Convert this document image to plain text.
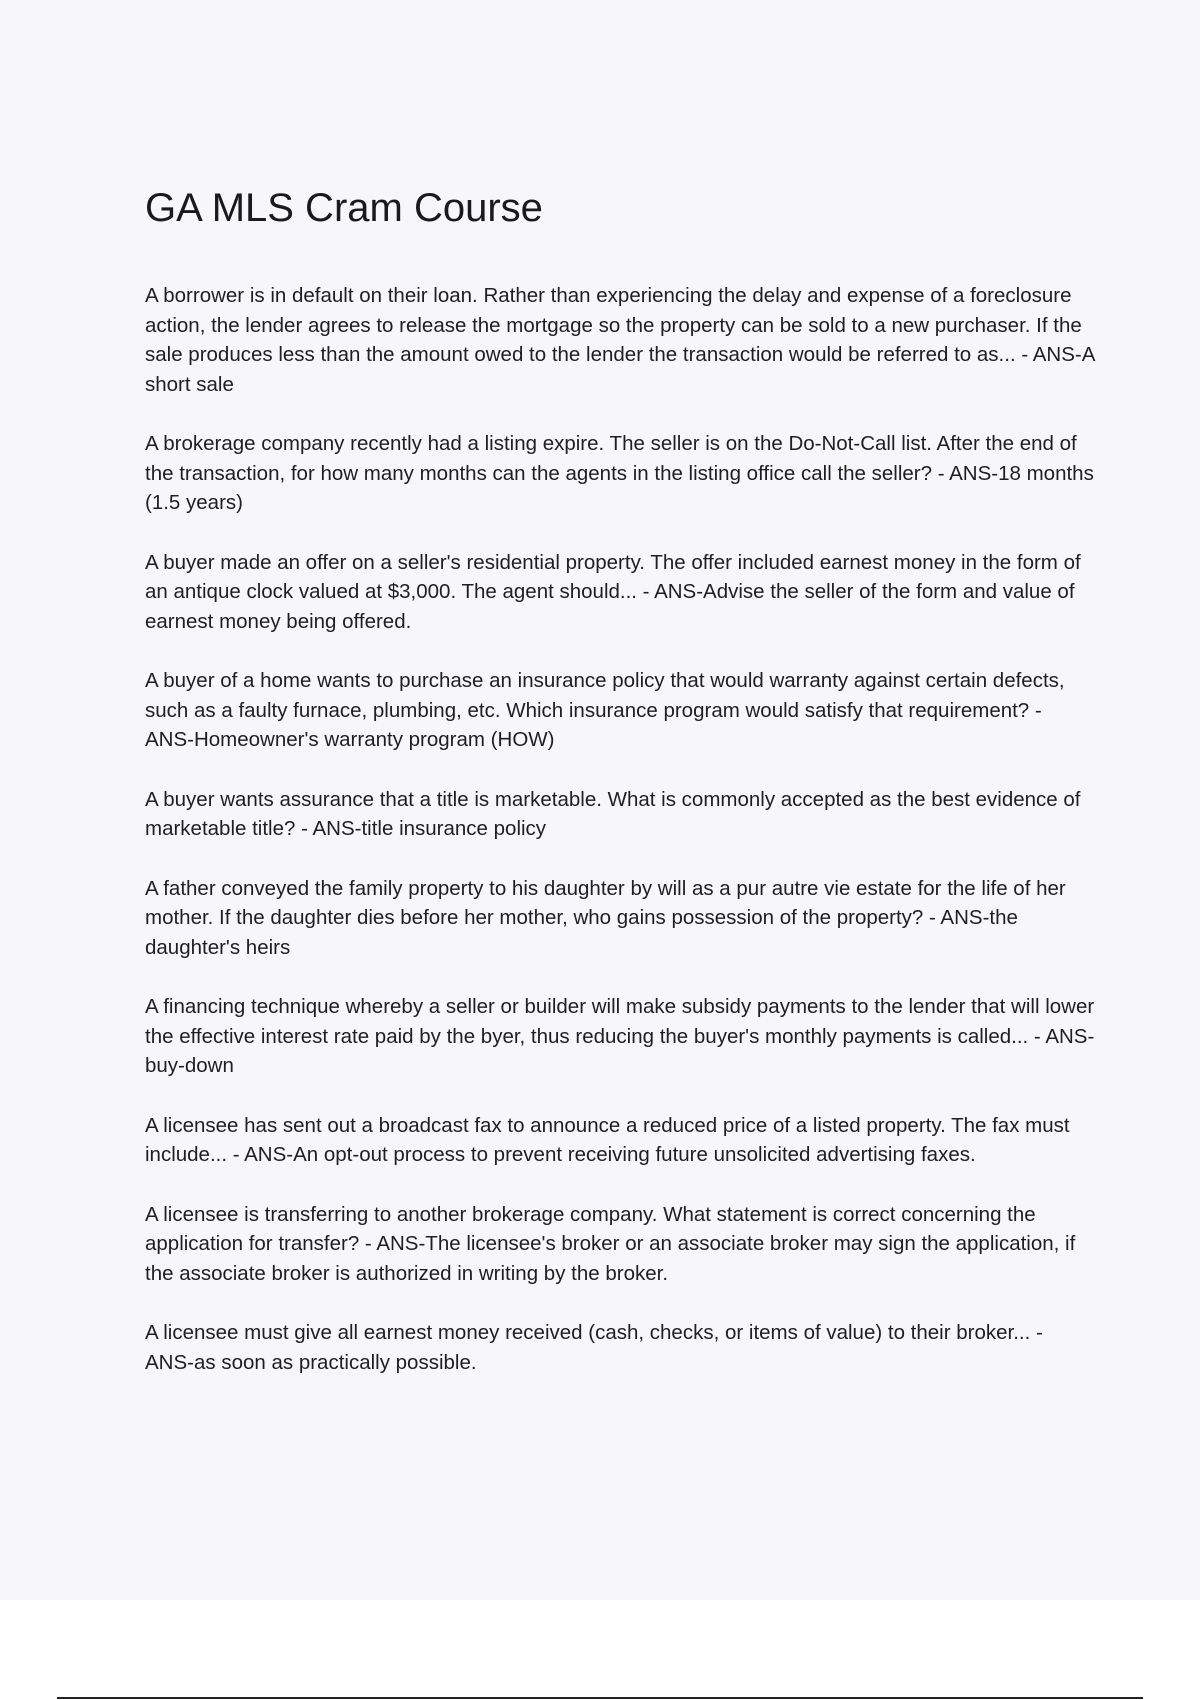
GA MLS Cram Course
A borrower is in default on their loan. Rather than experiencing the delay and expense of a foreclosure action, the lender agrees to release the mortgage so the property can be sold to a new purchaser. If the sale produces less than the amount owed to the lender the transaction would be referred to as... - ANS-A short sale
A brokerage company recently had a listing expire. The seller is on the Do-Not-Call list. After the end of the transaction, for how many months can the agents in the listing office call the seller? - ANS-18 months (1.5 years)
A buyer made an offer on a seller's residential property. The offer included earnest money in the form of an antique clock valued at $3,000. The agent should... - ANS-Advise the seller of the form and value of earnest money being offered.
A buyer of a home wants to purchase an insurance policy that would warranty against certain defects, such as a faulty furnace, plumbing, etc. Which insurance program would satisfy that requirement? - ANS-Homeowner's warranty program (HOW)
A buyer wants assurance that a title is marketable. What is commonly accepted as the best evidence of marketable title? - ANS-title insurance policy
A father conveyed the family property to his daughter by will as a pur autre vie estate for the life of her mother. If the daughter dies before her mother, who gains possession of the property? - ANS-the daughter's heirs
A financing technique whereby a seller or builder will make subsidy payments to the lender that will lower the effective interest rate paid by the byer, thus reducing the buyer's monthly payments is called... - ANS-buy-down
A licensee has sent out a broadcast fax to announce a reduced price of a listed property. The fax must include... - ANS-An opt-out process to prevent receiving future unsolicited advertising faxes.
A licensee is transferring to another brokerage company. What statement is correct concerning the application for transfer? - ANS-The licensee's broker or an associate broker may sign the application, if the associate broker is authorized in writing by the broker.
A licensee must give all earnest money received (cash, checks, or items of value) to their broker... - ANS-as soon as practically possible.
